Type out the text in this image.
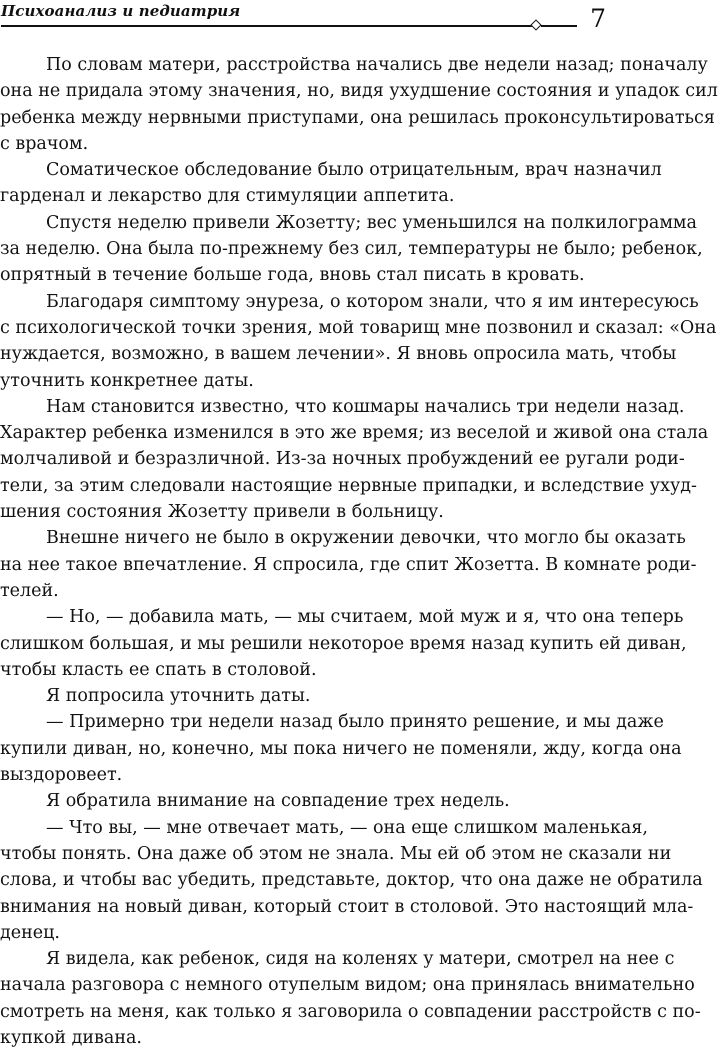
Психоанализ и педиатрия	7
По словам матери, расстройства начались две недели назад; поначалу
она не придала этому значения, но, видя ухудшение состояния и упадок сил
ребенка между нервными приступами, она решилась проконсультироваться
с врачом.
Соматическое обследование было отрицательным, врач назначил
гарденал и лекарство для стимуляции аппетита.
Спустя неделю привели Жозетту; вес уменьшился на полкилограмма
за неделю. Она была по-прежнему без сил, температуры не было; ребенок,
опрятный в течение больше года, вновь стал писать в кровать.
Благодаря симптому энуреза, о котором знали, что я им интересуюсь
с психологической точки зрения, мой товарищ мне позвонил и сказал: «Она
нуждается, возможно, в вашем лечении». Я вновь опросила мать, чтобы
уточнить конкретнее даты.
Нам становится известно, что кошмары начались три недели назад.
Характер ребенка изменился в это же время; из веселой и живой она стала
молчаливой и безразличной. Из-за ночных пробуждений ее ругали роди-
тели, за этим следовали настоящие нервные припадки, и вследствие ухуд-
шения состояния Жозетту привели в больницу.
Внешне ничего не было в окружении девочки, что могло бы оказать
на нее такое впечатление. Я спросила, где спит Жозетта. В комнате роди-
телей.
— Но, — добавила мать, — мы считаем, мой муж и я, что она теперь
слишком большая, и мы решили некоторое время назад купить ей диван,
чтобы класть ее спать в столовой.
Я попросила уточнить даты.
— Примерно три недели назад было принято решение, и мы даже
купили диван, но, конечно, мы пока ничего не поменяли, жду, когда она
выздоровеет.
Я обратила внимание на совпадение трех недель.
— Что вы, — мне отвечает мать, — она еще слишком маленькая,
чтобы понять. Она даже об этом не знала. Мы ей об этом не сказали ни
слова, и чтобы вас убедить, представьте, доктор, что она даже не обратила
внимания на новый диван, который стоит в столовой. Это настоящий мла-
денец.
Я видела, как ребенок, сидя на коленях у матери, смотрел на нее с
начала разговора с немного отупелым видом; она принялась внимательно
смотреть на меня, как только я заговорила о совпадении расстройств с по-
купкой дивана.
